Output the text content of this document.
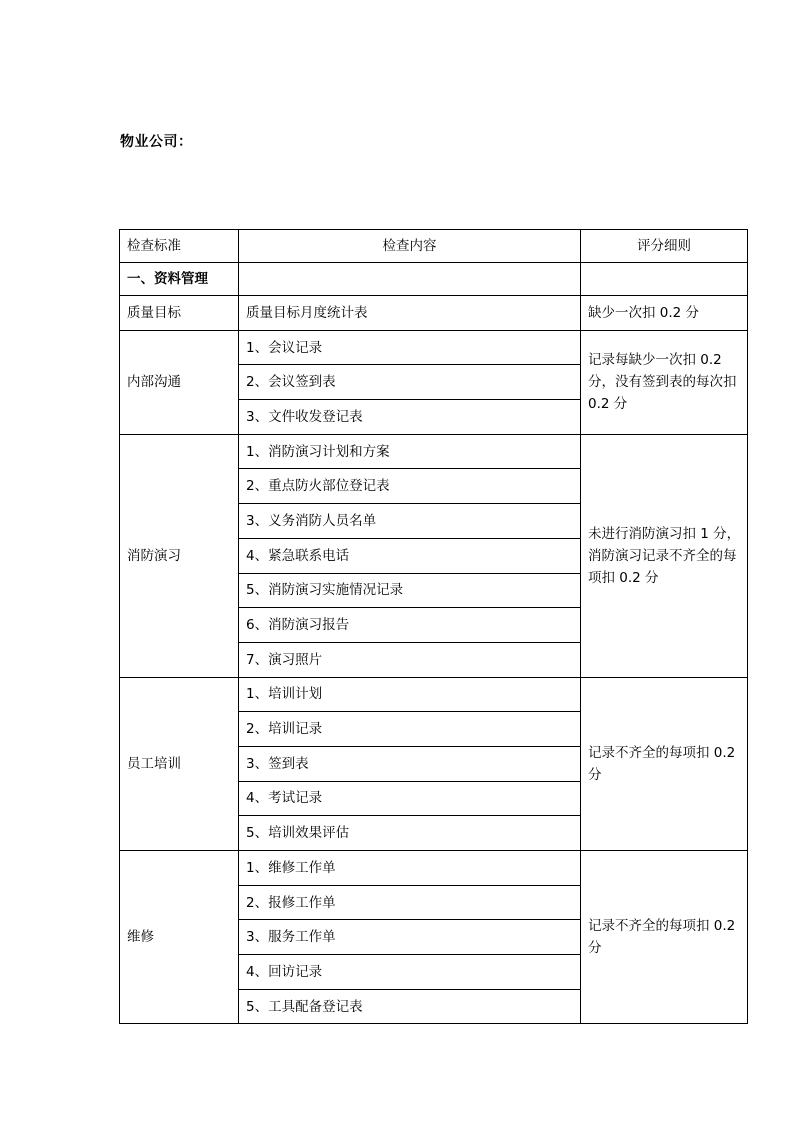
物业公司：
检查标准	检查内容	评分细则
一、资料管理		
质量目标	质量目标月度统计表	缺少一次扣 0.2 分
内部沟通	1、会议记录	记录每缺少一次扣 0.2 分，没有签到表的每次扣 0.2 分
	2、会议签到表	
	3、文件收发登记表	
消防演习	1、消防演习计划和方案	未进行消防演习扣 1 分，消防演习记录不齐全的每项扣 0.2 分
	2、重点防火部位登记表	
	3、义务消防人员名单	
	4、紧急联系电话	
	5、消防演习实施情况记录	
	6、消防演习报告	
	7、演习照片	
员工培训	1、培训计划	记录不齐全的每项扣 0.2 分
	2、培训记录	
	3、签到表	
	4、考试记录	
	5、培训效果评估	
维修	1、维修工作单	记录不齐全的每项扣 0.2 分
	2、报修工作单	
	3、服务工作单	
	4、回访记录	
	5、工具配备登记表	
